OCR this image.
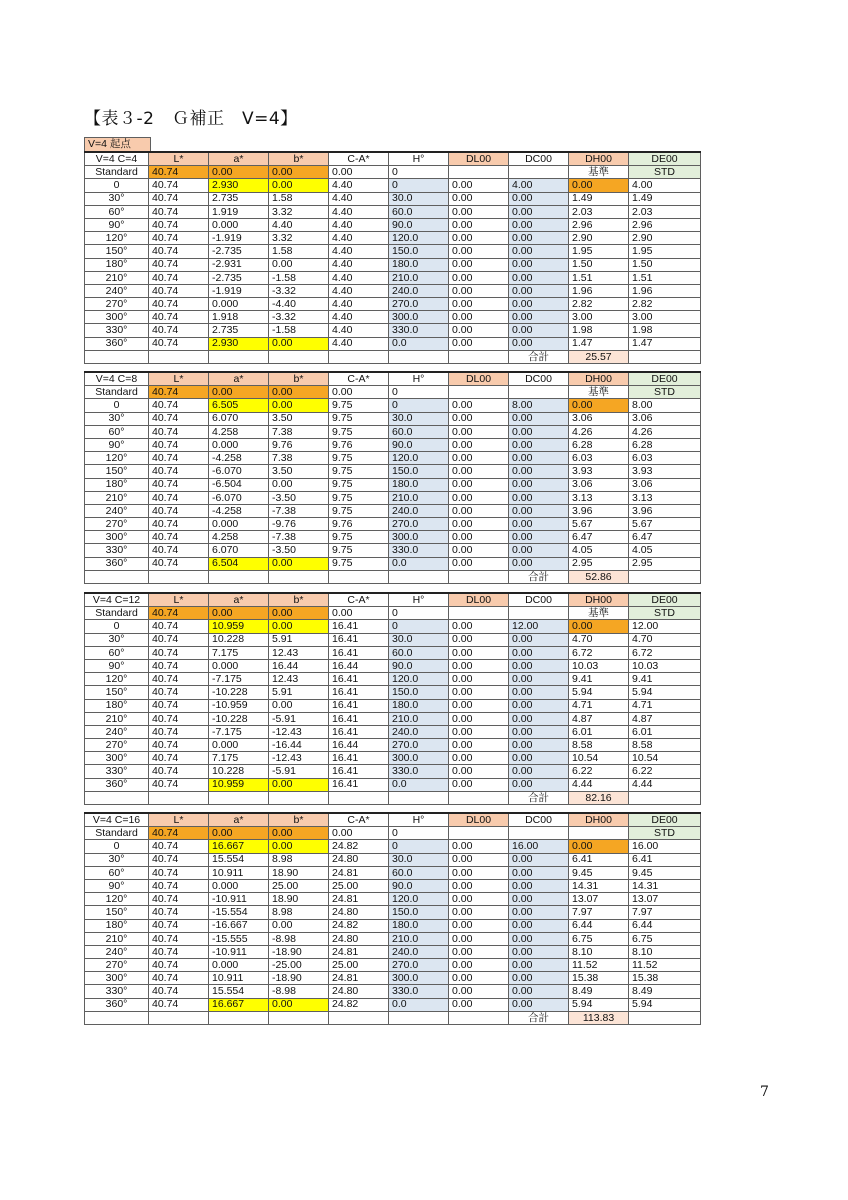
【表３-2　Ｇ補正　V=4】
V=4 起点
V=4 C=4	L*	a*	b*	C-A*	H°	DL00	DC00	DH00	DE00
Standard	40.74	0.00	0.00	0.00	0			基準	STD
0	40.74	2.930	0.00	4.40	0	0.00	4.00	0.00	4.00
30°	40.74	2.735	1.58	4.40	30.0	0.00	0.00	1.49	1.49
60°	40.74	1.919	3.32	4.40	60.0	0.00	0.00	2.03	2.03
90°	40.74	0.000	4.40	4.40	90.0	0.00	0.00	2.96	2.96
120°	40.74	-1.919	3.32	4.40	120.0	0.00	0.00	2.90	2.90
150°	40.74	-2.735	1.58	4.40	150.0	0.00	0.00	1.95	1.95
180°	40.74	-2.931	0.00	4.40	180.0	0.00	0.00	1.50	1.50
210°	40.74	-2.735	-1.58	4.40	210.0	0.00	0.00	1.51	1.51
240°	40.74	-1.919	-3.32	4.40	240.0	0.00	0.00	1.96	1.96
270°	40.74	0.000	-4.40	4.40	270.0	0.00	0.00	2.82	2.82
300°	40.74	1.918	-3.32	4.40	300.0	0.00	0.00	3.00	3.00
330°	40.74	2.735	-1.58	4.40	330.0	0.00	0.00	1.98	1.98
360°	40.74	2.930	0.00	4.40	0.0	0.00	0.00	1.47	1.47
							合計	25.57	
V=4 C=8	L*	a*	b*	C-A*	H°	DL00	DC00	DH00	DE00
Standard	40.74	0.00	0.00	0.00	0			基準	STD
0	40.74	6.505	0.00	9.75	0	0.00	8.00	0.00	8.00
30°	40.74	6.070	3.50	9.75	30.0	0.00	0.00	3.06	3.06
60°	40.74	4.258	7.38	9.75	60.0	0.00	0.00	4.26	4.26
90°	40.74	0.000	9.76	9.76	90.0	0.00	0.00	6.28	6.28
120°	40.74	-4.258	7.38	9.75	120.0	0.00	0.00	6.03	6.03
150°	40.74	-6.070	3.50	9.75	150.0	0.00	0.00	3.93	3.93
180°	40.74	-6.504	0.00	9.75	180.0	0.00	0.00	3.06	3.06
210°	40.74	-6.070	-3.50	9.75	210.0	0.00	0.00	3.13	3.13
240°	40.74	-4.258	-7.38	9.75	240.0	0.00	0.00	3.96	3.96
270°	40.74	0.000	-9.76	9.76	270.0	0.00	0.00	5.67	5.67
300°	40.74	4.258	-7.38	9.75	300.0	0.00	0.00	6.47	6.47
330°	40.74	6.070	-3.50	9.75	330.0	0.00	0.00	4.05	4.05
360°	40.74	6.504	0.00	9.75	0.0	0.00	0.00	2.95	2.95
							合計	52.86	
V=4 C=12	L*	a*	b*	C-A*	H°	DL00	DC00	DH00	DE00
Standard	40.74	0.00	0.00	0.00	0			基準	STD
0	40.74	10.959	0.00	16.41	0	0.00	12.00	0.00	12.00
30°	40.74	10.228	5.91	16.41	30.0	0.00	0.00	4.70	4.70
60°	40.74	7.175	12.43	16.41	60.0	0.00	0.00	6.72	6.72
90°	40.74	0.000	16.44	16.44	90.0	0.00	0.00	10.03	10.03
120°	40.74	-7.175	12.43	16.41	120.0	0.00	0.00	9.41	9.41
150°	40.74	-10.228	5.91	16.41	150.0	0.00	0.00	5.94	5.94
180°	40.74	-10.959	0.00	16.41	180.0	0.00	0.00	4.71	4.71
210°	40.74	-10.228	-5.91	16.41	210.0	0.00	0.00	4.87	4.87
240°	40.74	-7.175	-12.43	16.41	240.0	0.00	0.00	6.01	6.01
270°	40.74	0.000	-16.44	16.44	270.0	0.00	0.00	8.58	8.58
300°	40.74	7.175	-12.43	16.41	300.0	0.00	0.00	10.54	10.54
330°	40.74	10.228	-5.91	16.41	330.0	0.00	0.00	6.22	6.22
360°	40.74	10.959	0.00	16.41	0.0	0.00	0.00	4.44	4.44
							合計	82.16	
V=4 C=16	L*	a*	b*	C-A*	H°	DL00	DC00	DH00	DE00
Standard	40.74	0.00	0.00	0.00	0				STD
0	40.74	16.667	0.00	24.82	0	0.00	16.00	0.00	16.00
30°	40.74	15.554	8.98	24.80	30.0	0.00	0.00	6.41	6.41
60°	40.74	10.911	18.90	24.81	60.0	0.00	0.00	9.45	9.45
90°	40.74	0.000	25.00	25.00	90.0	0.00	0.00	14.31	14.31
120°	40.74	-10.911	18.90	24.81	120.0	0.00	0.00	13.07	13.07
150°	40.74	-15.554	8.98	24.80	150.0	0.00	0.00	7.97	7.97
180°	40.74	-16.667	0.00	24.82	180.0	0.00	0.00	6.44	6.44
210°	40.74	-15.555	-8.98	24.80	210.0	0.00	0.00	6.75	6.75
240°	40.74	-10.911	-18.90	24.81	240.0	0.00	0.00	8.10	8.10
270°	40.74	0.000	-25.00	25.00	270.0	0.00	0.00	11.52	11.52
300°	40.74	10.911	-18.90	24.81	300.0	0.00	0.00	15.38	15.38
330°	40.74	15.554	-8.98	24.80	330.0	0.00	0.00	8.49	8.49
360°	40.74	16.667	0.00	24.82	0.0	0.00	0.00	5.94	5.94
							合計	113.83	
7
